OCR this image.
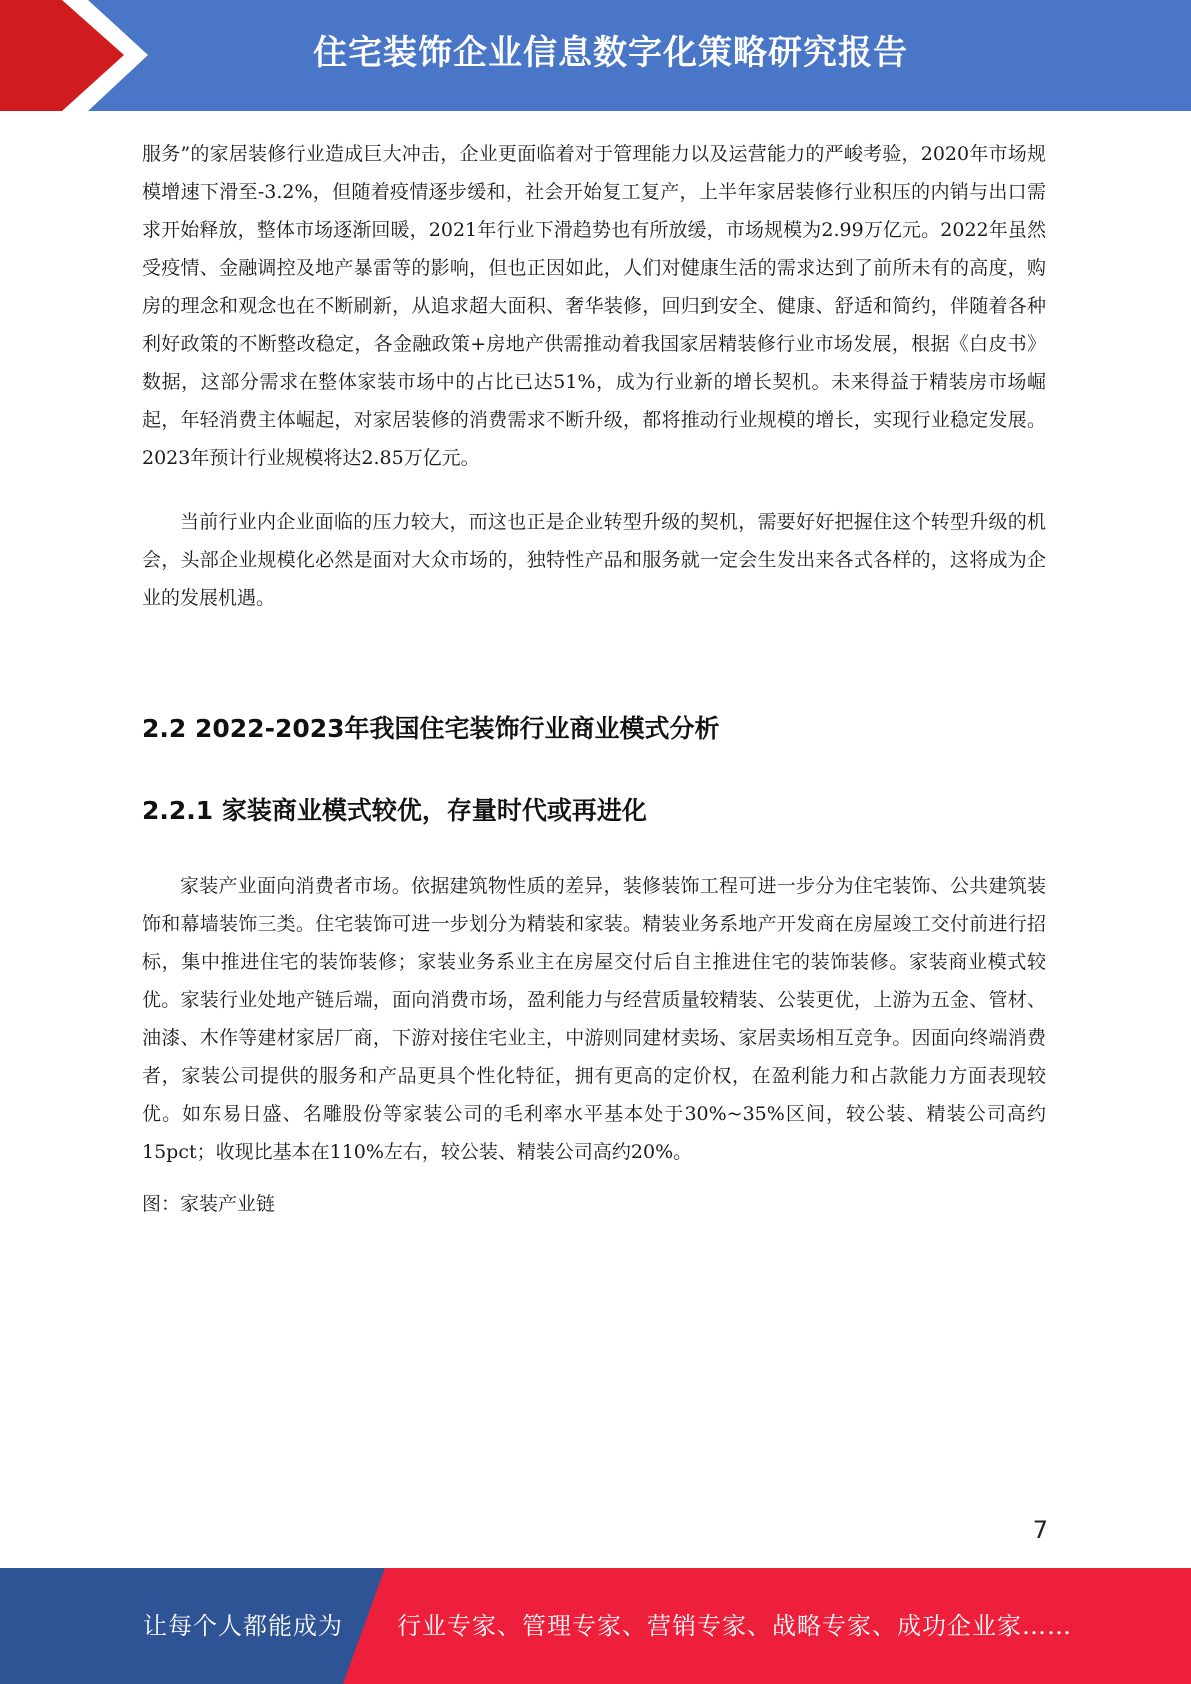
住宅装饰企业信息数字化策略研究报告

服务”的家居装修行业造成巨大冲击，企业更面临着对于管理能力以及运营能力的严峻考验，2020年市场规模增速下滑至-3.2%，但随着疫情逐步缓和，社会开始复工复产，上半年家居装修行业积压的内销与出口需求开始释放，整体市场逐渐回暖，2021年行业下滑趋势也有所放缓，市场规模为2.99万亿元。2022年虽然受疫情、金融调控及地产暴雷等的影响，但也正因如此，人们对健康生活的需求达到了前所未有的高度，购房的理念和观念也在不断刷新，从追求超大面积、奢华装修，回归到安全、健康、舒适和简约，伴随着各种利好政策的不断整改稳定，各金融政策+房地产供需推动着我国家居精装修行业市场发展，根据《白皮书》数据，这部分需求在整体家装市场中的占比已达51%，成为行业新的增长契机。未来得益于精装房市场崛起，年轻消费主体崛起，对家居装修的消费需求不断升级，都将推动行业规模的增长，实现行业稳定发展。2023年预计行业规模将达2.85万亿元。

当前行业内企业面临的压力较大，而这也正是企业转型升级的契机，需要好好把握住这个转型升级的机会，头部企业规模化必然是面对大众市场的，独特性产品和服务就一定会生发出来各式各样的，这将成为企业的发展机遇。

2.2 2022-2023年我国住宅装饰行业商业模式分析
2.2.1 家装商业模式较优，存量时代或再进化

家装产业面向消费者市场。依据建筑物性质的差异，装修装饰工程可进一步分为住宅装饰、公共建筑装饰和幕墙装饰三类。住宅装饰可进一步划分为精装和家装。精装业务系地产开发商在房屋竣工交付前进行招标，集中推进住宅的装饰装修；家装业务系业主在房屋交付后自主推进住宅的装饰装修。家装商业模式较优。家装行业处地产链后端，面向消费市场，盈利能力与经营质量较精装、公装更优，上游为五金、管材、油漆、木作等建材家居厂商，下游对接住宅业主，中游则同建材卖场、家居卖场相互竞争。因面向终端消费者，家装公司提供的服务和产品更具个性化特征，拥有更高的定价权，在盈利能力和占款能力方面表现较优。如东易日盛、名雕股份等家装公司的毛利率水平基本处于30%~35%区间，较公装、精装公司高约15pct；收现比基本在110%左右，较公装、精装公司高约20%。

图：家装产业链

7
让每个人都能成为 行业专家、管理专家、营销专家、战略专家、成功企业家……
